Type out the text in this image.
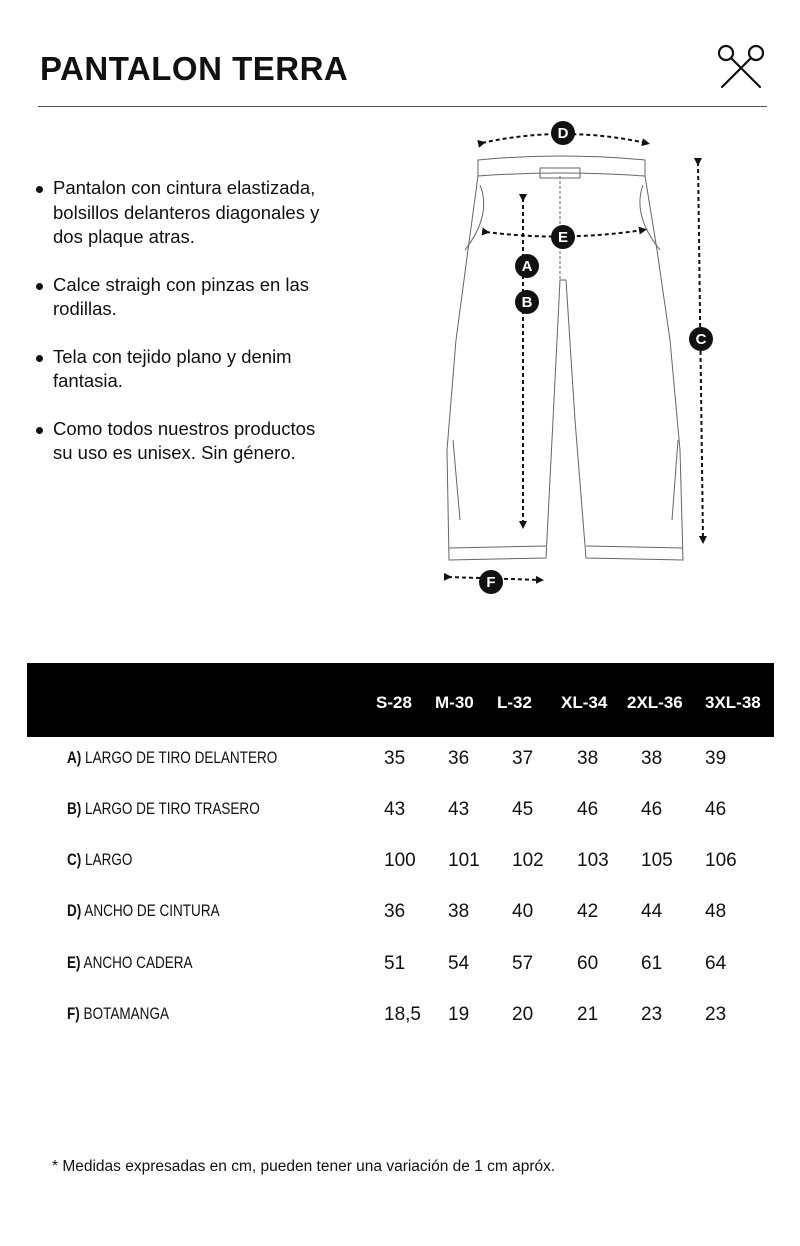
PANTALON TERRA
Pantalon con cintura elastizada, bolsillos delanteros diagonales y dos plaque atras.
Calce straigh con pinzas en las rodillas.
Tela con tejido plano y denim fantasia.
Como todos nuestros productos su uso es unisex. Sin género.
D
E
A
B
C
F
S-28 M-30 L-32 XL-34 2XL-36 3XL-38
A) LARGO DE TIRO DELANTERO	35 36 37 38 38 39
B) LARGO DE TIRO TRASERO	43 43 45 46 46 46
C) LARGO	100 101 102 103 105 106
D) ANCHO DE CINTURA	36 38 40 42 44 48
E) ANCHO CADERA	51 54 57 60 61 64
F) BOTAMANGA	18,5 19 20 21 23 23

* Medidas expresadas en cm, pueden tener una variación de 1 cm apróx.
